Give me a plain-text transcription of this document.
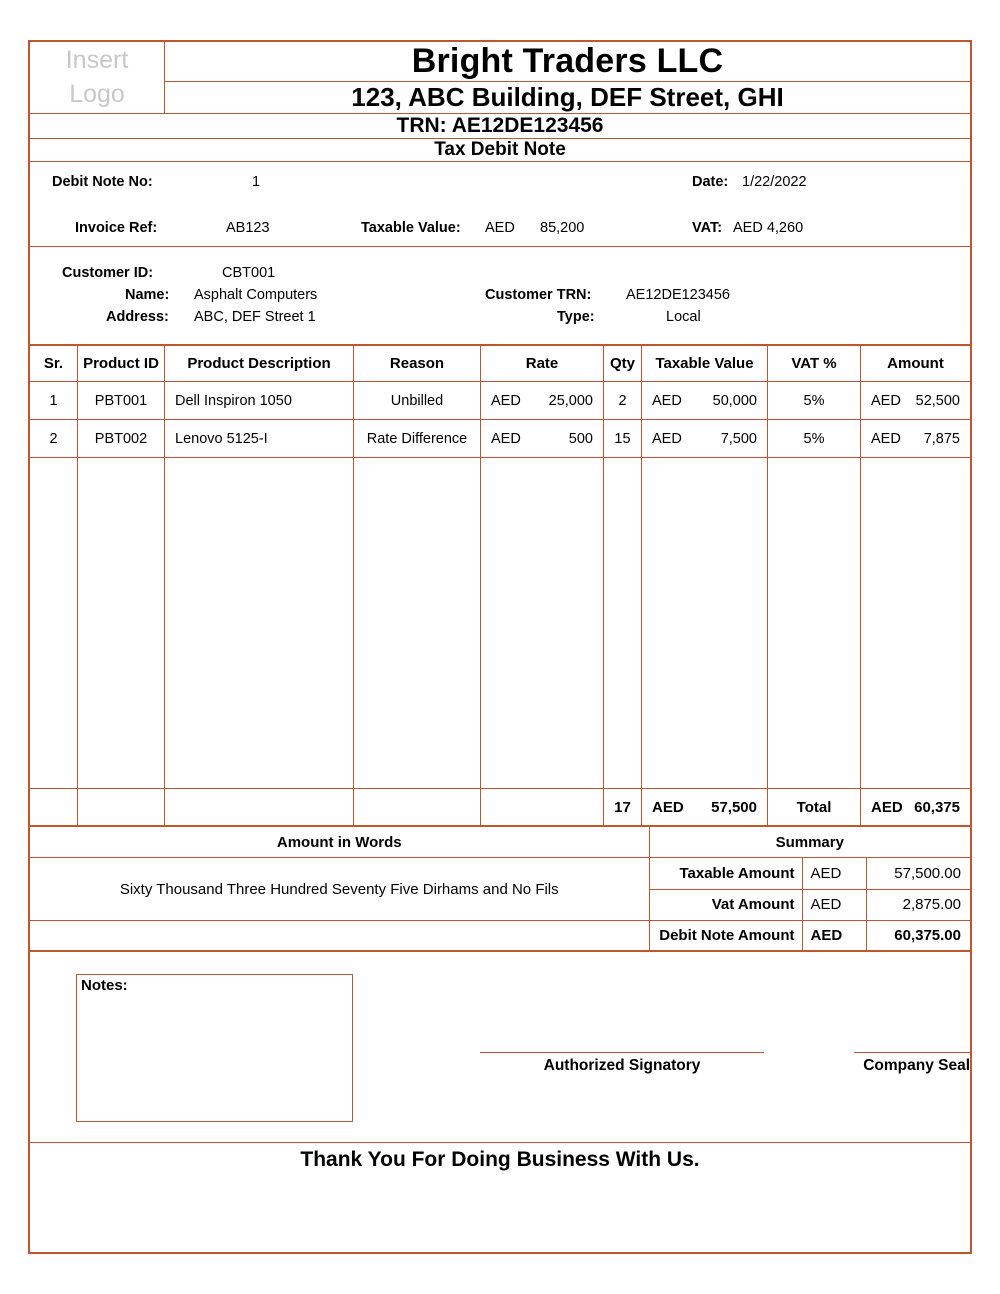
Insert
Logo
	Bright Traders LLC
123, ABC Building, DEF Street, GHI
TRN: AE12DE123456
Tax Debit Note

Debit Note No:	1	Date: 1/22/2022
Invoice Ref:	AB123	Taxable Value: AED 85,200	VAT: AED 4,260

Customer ID:	CBT001
Name: Asphalt Computers
Address: ABC, DEF Street 1
Customer TRN: AE12DE123456
Type:	Local
Sr.	Product ID	Product Description	Reason	Rate	Qty	Taxable Value	VAT %	Amount
1	PBT001	Dell Inspiron 1050	Unbilled	AED 25,000	2	AED 50,000	5%	AED 52,500

2	PBT002	Lenovo 5125-I	Rate Difference	AED 500	15	AED 7,500	5%	AED 7,875

					17	AED 57,500	Total	AED 60,375
Amount in Words	Summary		
Sixty Thousand Three Hundred Seventy Five Dirhams and No Fils	Taxable Amount	AED	57,500.00
	Vat Amount	AED	2,875.00
	Debit Note Amount	AED	60,375.00
Notes:
Authorized Signatory	Company Seal

Thank You For Doing Business With Us.
